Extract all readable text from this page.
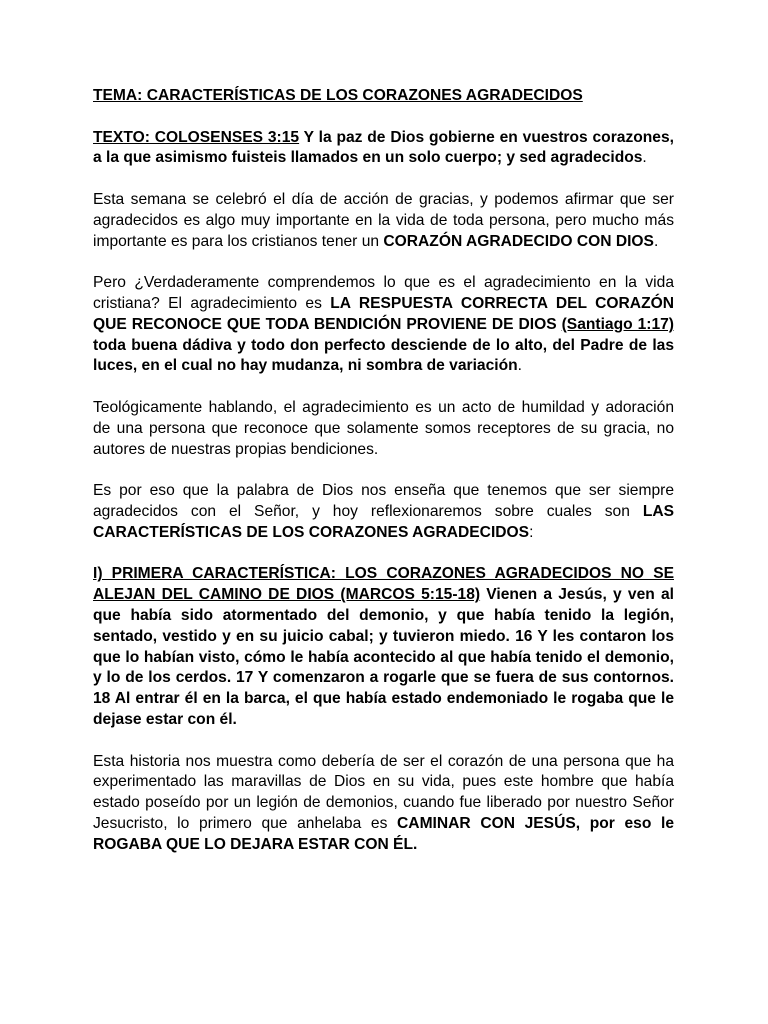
TEMA: CARACTERÍSTICAS DE LOS CORAZONES AGRADECIDOS

TEXTO: COLOSENSES 3:15 Y la paz de Dios gobierne en vuestros corazones, a la que asimismo fuisteis llamados en un solo cuerpo; y sed agradecidos.

Esta semana se celebró el día de acción de gracias, y podemos afirmar que ser agradecidos es algo muy importante en la vida de toda persona, pero mucho más importante es para los cristianos tener un CORAZÓN AGRADECIDO CON DIOS.

Pero ¿Verdaderamente comprendemos lo que es el agradecimiento en la vida cristiana? El agradecimiento es LA RESPUESTA CORRECTA DEL CORAZÓN QUE RECONOCE QUE TODA BENDICIÓN PROVIENE DE DIOS (Santiago 1:17) toda buena dádiva y todo don perfecto desciende de lo alto, del Padre de las luces, en el cual no hay mudanza, ni sombra de variación.

Teológicamente hablando, el agradecimiento es un acto de humildad y adoración de una persona que reconoce que solamente somos receptores de su gracia, no autores de nuestras propias bendiciones.

Es por eso que la palabra de Dios nos enseña que tenemos que ser siempre agradecidos con el Señor, y hoy reflexionaremos sobre cuales son LAS CARACTERÍSTICAS DE LOS CORAZONES AGRADECIDOS:

I) PRIMERA CARACTERÍSTICA: LOS CORAZONES AGRADECIDOS NO SE ALEJAN DEL CAMINO DE DIOS (MARCOS 5:15-18) Vienen a Jesús, y ven al que había sido atormentado del demonio, y que había tenido la legión, sentado, vestido y en su juicio cabal; y tuvieron miedo. 16 Y les contaron los que lo habían visto, cómo le había acontecido al que había tenido el demonio, y lo de los cerdos. 17 Y comenzaron a rogarle que se fuera de sus contornos. 18 Al entrar él en la barca, el que había estado endemoniado le rogaba que le dejase estar con él.

Esta historia nos muestra como debería de ser el corazón de una persona que ha experimentado las maravillas de Dios en su vida, pues este hombre que había estado poseído por un legión de demonios, cuando fue liberado por nuestro Señor Jesucristo, lo primero que anhelaba es CAMINAR CON JESÚS, por eso le ROGABA QUE LO DEJARA ESTAR CON ÉL.
